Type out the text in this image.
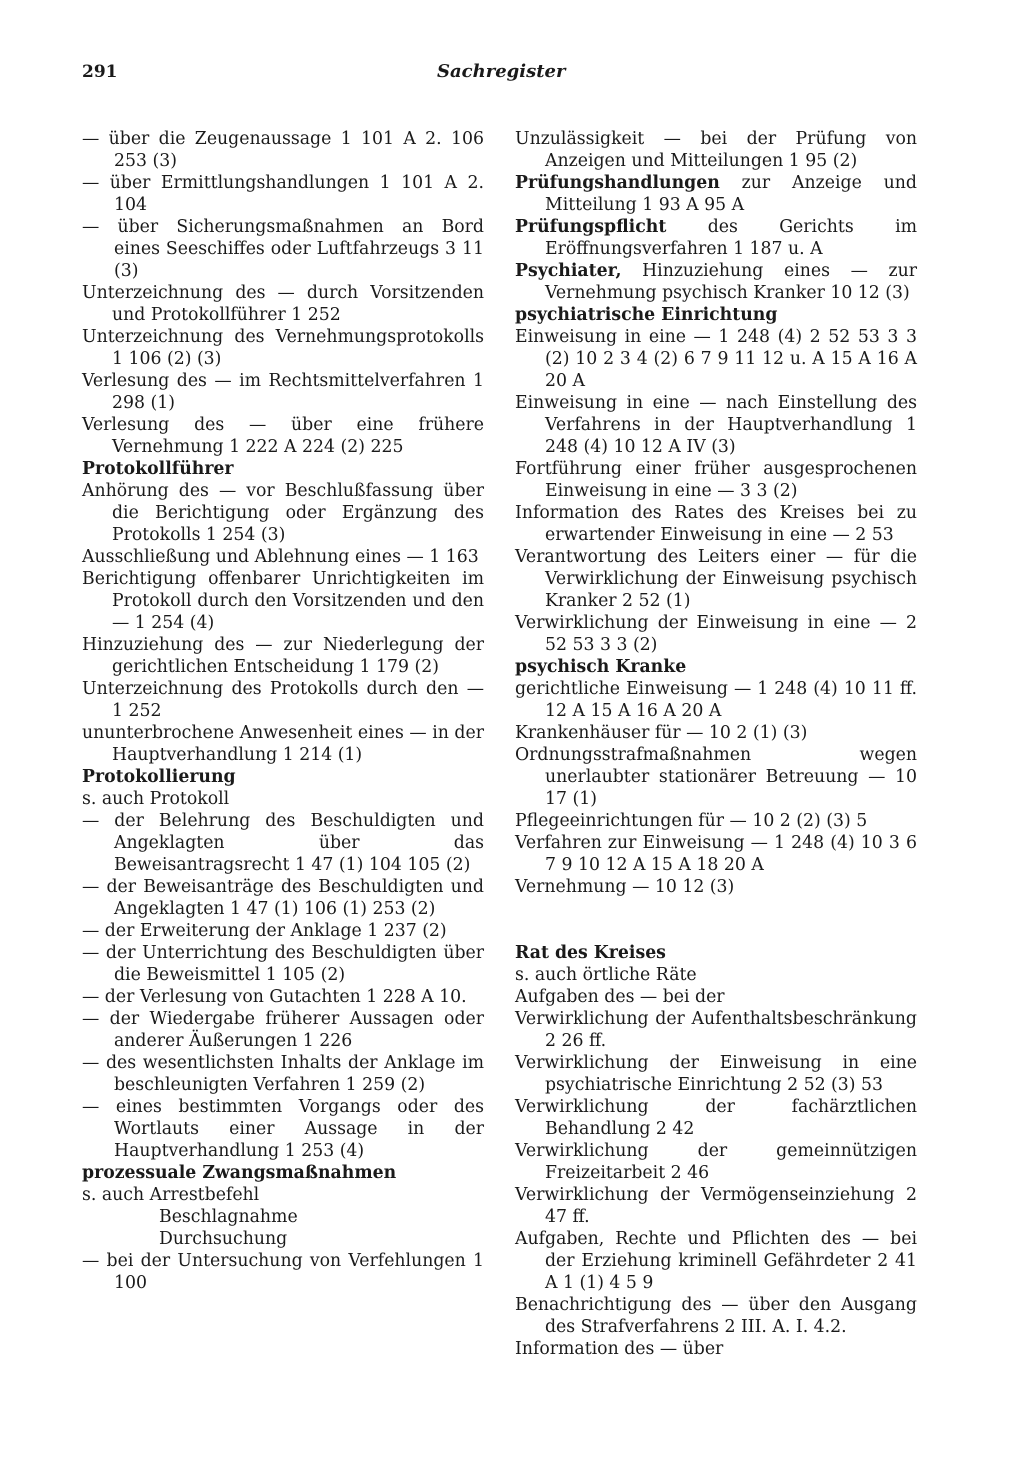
291	Sachregister

— über die Zeugenaussage 1 101 A 2. 106 253 (3)

— über Ermittlungshandlungen 1 101 A 2. 104

— über Sicherungsmaßnahmen an Bord eines Seeschiffes oder Luftfahrzeugs 3 11 (3)

Unterzeichnung des — durch Vorsitzenden und Protokollführer 1 252

Unterzeichnung des Vernehmungsprotokolls 1 106 (2) (3)

Verlesung des — im Rechtsmittelverfahren 1 298 (1)

Verlesung des — über eine frühere Vernehmung 1 222 A 224 (2) 225

Protokollführer

Anhörung des — vor Beschlußfassung über die Berichtigung oder Ergänzung des Protokolls 1 254 (3)

Ausschließung und Ablehnung eines — 1 163

Berichtigung offenbarer Unrichtigkeiten im Protokoll durch den Vorsitzenden und den — 1 254 (4)

Hinzuziehung des — zur Niederlegung der gerichtlichen Entscheidung 1 179 (2)

Unterzeichnung des Protokolls durch den — 1 252

ununterbrochene Anwesenheit eines — in der Hauptverhandlung 1 214 (1)

Protokollierung

s. auch Protokoll

— der Belehrung des Beschuldigten und Angeklagten über das Beweisantragsrecht 1 47 (1) 104 105 (2)

— der Beweisanträge des Beschuldigten und Angeklagten 1 47 (1) 106 (1) 253 (2)

— der Erweiterung der Anklage 1 237 (2)

— der Unterrichtung des Beschuldigten über die Beweismittel 1 105 (2)

— der Verlesung von Gutachten 1 228 A 10.

— der Wiedergabe früherer Aussagen oder anderer Äußerungen 1 226

— des wesentlichsten Inhalts der Anklage im beschleunigten Verfahren 1 259 (2)

— eines bestimmten Vorgangs oder des Wortlauts einer Aussage in der Hauptverhandlung 1 253 (4)

prozessuale Zwangsmaßnahmen

s. auch Arrestbefehl

Beschlagnahme

Durchsuchung

— bei der Untersuchung von Verfehlungen 1 100

Unzulässigkeit — bei der Prüfung von Anzeigen und Mitteilungen 1 95 (2)

Prüfungshandlungen zur Anzeige und Mitteilung 1 93 A 95 A

Prüfungspflicht des Gerichts im Eröffnungsverfahren 1 187 u. A

Psychiater, Hinzuziehung eines — zur Vernehmung psychisch Kranker 10 12 (3)

psychiatrische Einrichtung

Einweisung in eine — 1 248 (4) 2 52 53 3 3 (2) 10 2 3 4 (2) 6 7 9 11 12 u. A 15 A 16 A 20 A

Einweisung in eine — nach Einstellung des Verfahrens in der Hauptverhandlung 1 248 (4) 10 12 A IV (3)

Fortführung einer früher ausgesprochenen Einweisung in eine — 3 3 (2)

Information des Rates des Kreises bei zu erwartender Einweisung in eine — 2 53

Verantwortung des Leiters einer — für die Verwirklichung der Einweisung psychisch Kranker 2 52 (1)

Verwirklichung der Einweisung in eine — 2 52 53 3 3 (2)

psychisch Kranke

gerichtliche Einweisung — 1 248 (4) 10 11 ff. 12 A 15 A 16 A 20 A

Krankenhäuser für — 10 2 (1) (3)

Ordnungsstrafmaßnahmen wegen unerlaubter stationärer Betreuung — 10 17 (1)

Pflegeeinrichtungen für — 10 2 (2) (3) 5

Verfahren zur Einweisung — 1 248 (4) 10 3 6 7 9 10 12 A 15 A 18 20 A

Vernehmung — 10 12 (3)

Rat des Kreises

s. auch örtliche Räte

Aufgaben des — bei der

Verwirklichung der Aufenthaltsbeschränkung 2 26 ff.

Verwirklichung der Einweisung in eine psychiatrische Einrichtung 2 52 (3) 53

Verwirklichung der fachärztlichen Behandlung 2 42

Verwirklichung der gemeinnützigen Freizeitarbeit 2 46

Verwirklichung der Vermögenseinziehung 2 47 ff.

Aufgaben, Rechte und Pflichten des — bei der Erziehung kriminell Gefährdeter 2 41 A 1 (1) 4 5 9

Benachrichtigung des — über den Ausgang des Strafverfahrens 2 III. A. I. 4.2.

Information des — über
